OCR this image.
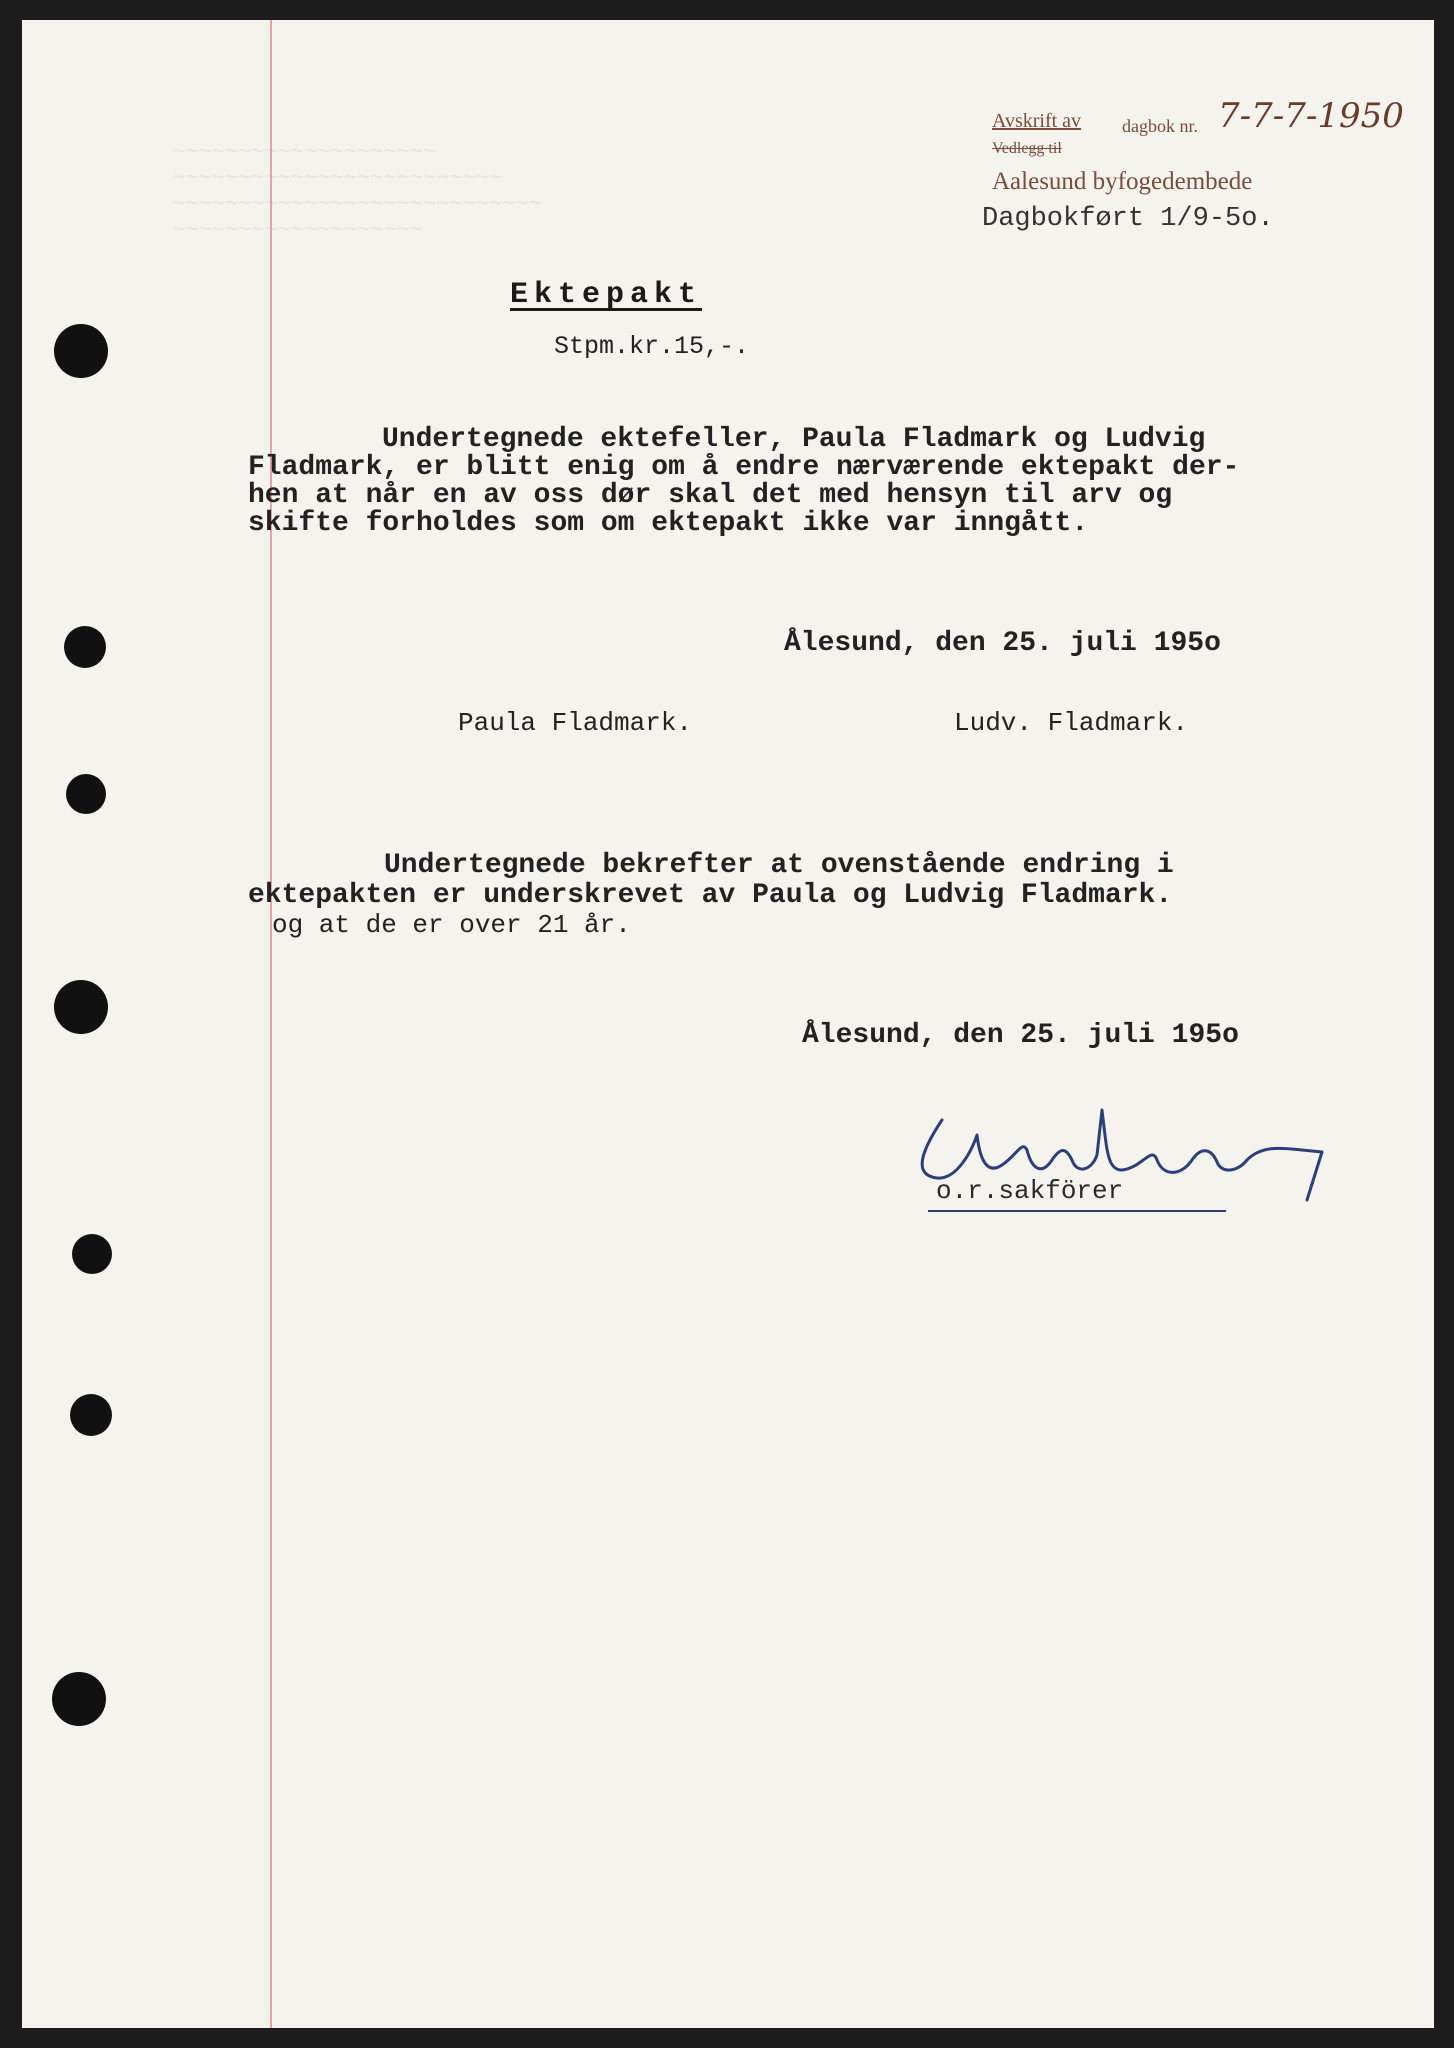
~~~~~~~~~~~~~~~~~~~~
~~~~~~~~~~~~~~~~~~~~~~~~~
~~~~~~~~~~~~~~~~~~~~~~~~~~~~
~~~~~~~~~~~~~~~~~~~
Avskrift av dagbok nr. 7-7-7-1950
Vedlegg til
Aalesund byfogedembede
Dagbokført 1/9-5o.
Ektepakt
Stpm.kr.15,-.
Undertegnede ektefeller, Paula Fladmark og Ludvig
Fladmark, er blitt enig om å endre nærværende ektepakt der-
hen at når en av oss dør skal det med hensyn til arv og
skifte forholdes som om ektepakt ikke var inngått.
Ålesund, den 25. juli 195o
Paula Fladmark.	Ludv. Fladmark.
Undertegnede bekrefter at ovenstående endring i
ektepakten er underskrevet av Paula og Ludvig Fladmark.
og at de er over 21 år.
Ålesund, den 25. juli 195o
o.r.sakförer
